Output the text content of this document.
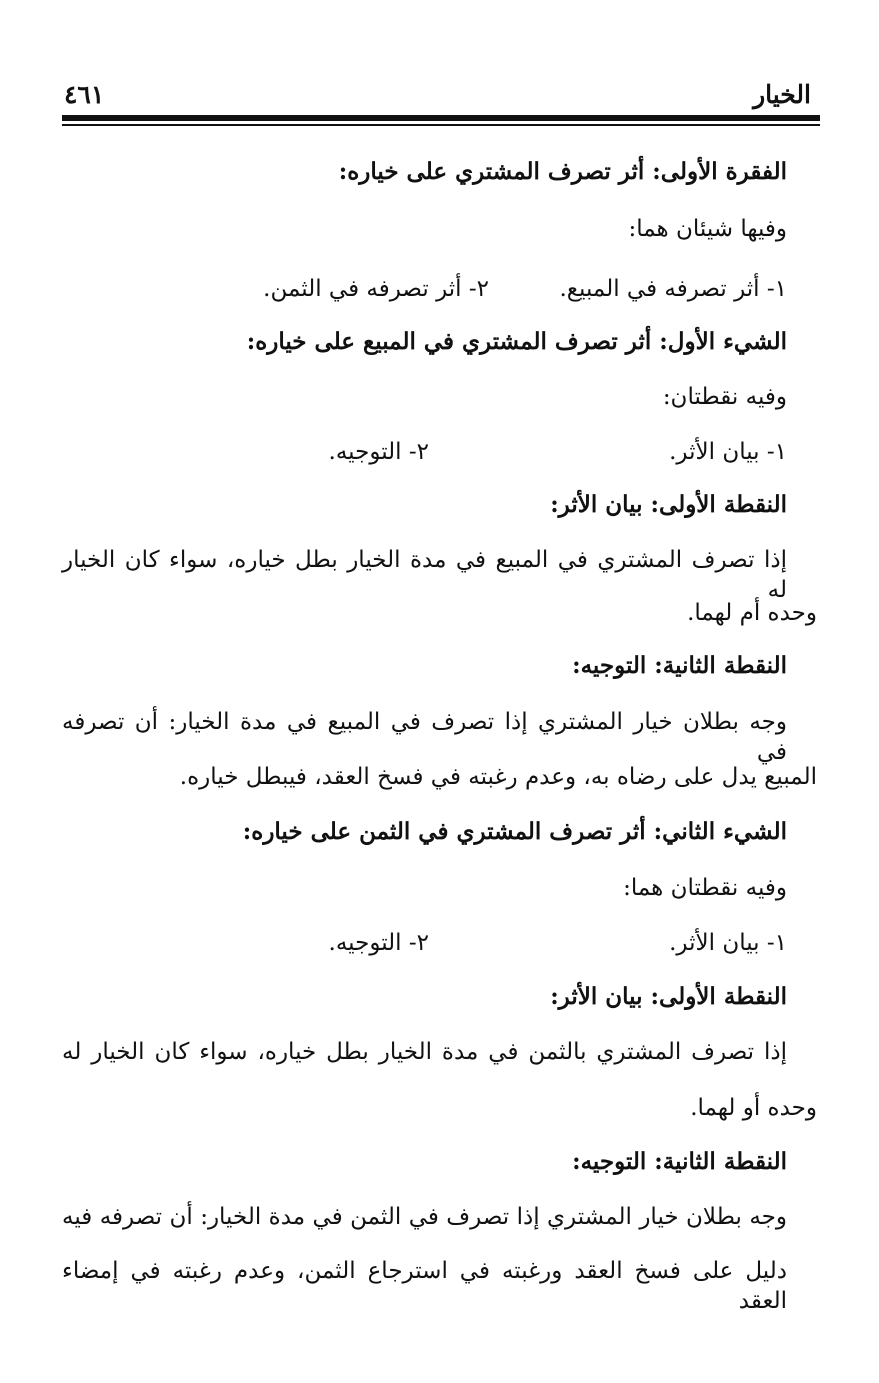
الخيار
٤٦١
الفقرة الأولى: أثر تصرف المشتري على خياره:
وفيها شيئان هما:
١- أثر تصرفه في المبيع.
٢- أثر تصرفه في الثمن.
الشيء الأول: أثر تصرف المشتري في المبيع على خياره:
وفيه نقطتان:
١- بيان الأثر.
٢- التوجيه.
النقطة الأولى: بيان الأثر:
إذا تصرف المشتري في المبيع في مدة الخيار بطل خياره، سواء كان الخيار له
وحده أم لهما.
النقطة الثانية: التوجيه:
وجه بطلان خيار المشتري إذا تصرف في المبيع في مدة الخيار: أن تصرفه في
المبيع يدل على رضاه به، وعدم رغبته في فسخ العقد، فيبطل خياره.
الشيء الثاني: أثر تصرف المشتري في الثمن على خياره:
وفيه نقطتان هما:
١- بيان الأثر.
٢- التوجيه.
النقطة الأولى: بيان الأثر:
إذا تصرف المشتري بالثمن في مدة الخيار بطل خياره، سواء كان الخيار له
وحده أو لهما.
النقطة الثانية: التوجيه:
وجه بطلان خيار المشتري إذا تصرف في الثمن في مدة الخيار: أن تصرفه فيه
دليل على فسخ العقد ورغبته في استرجاع الثمن، وعدم رغبته في إمضاء العقد
